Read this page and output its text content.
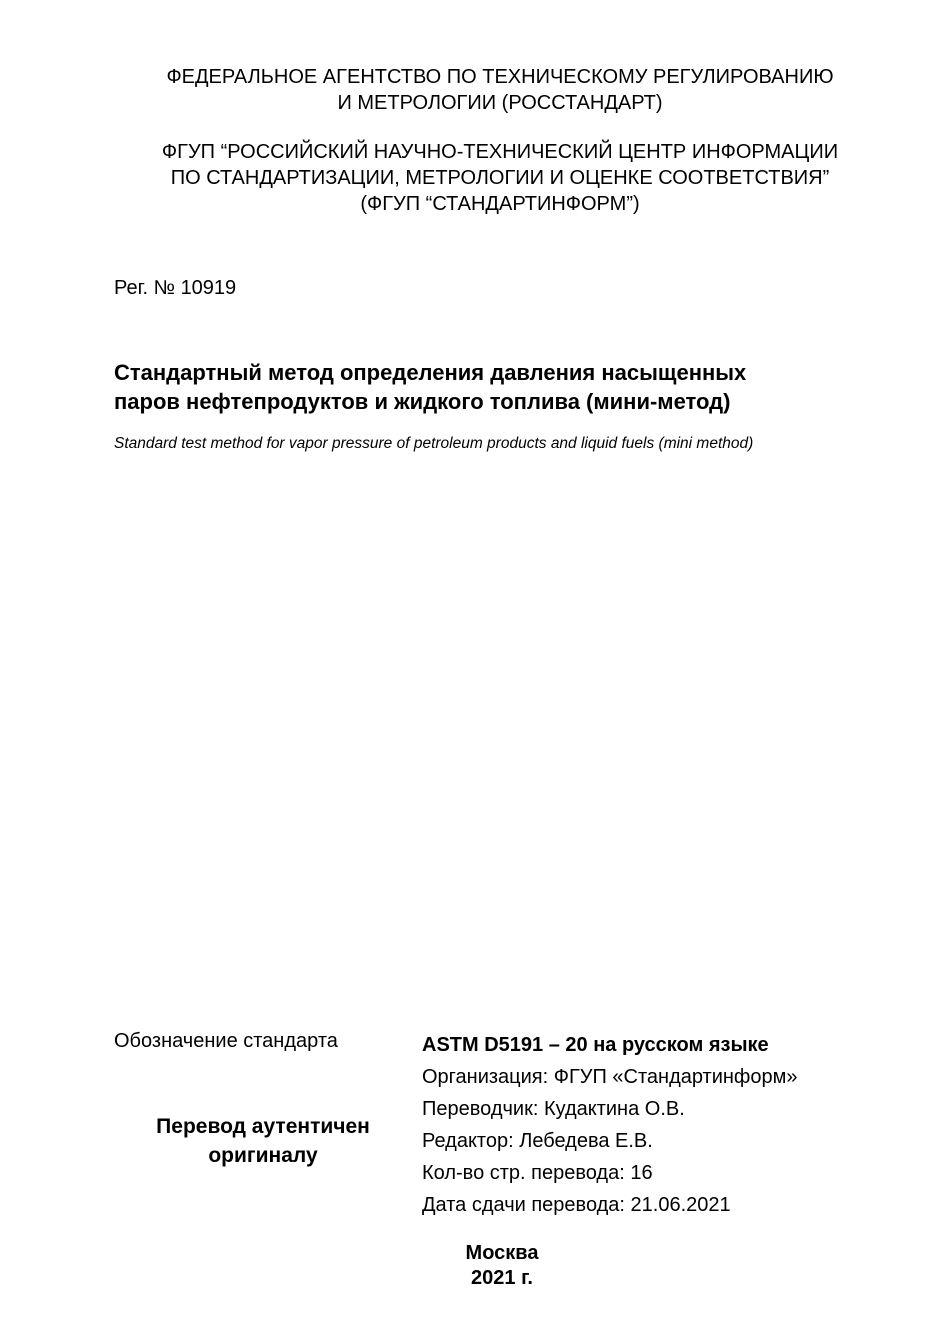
ФЕДЕРАЛЬНОЕ АГЕНТСТВО ПО ТЕХНИЧЕСКОМУ РЕГУЛИРОВАНИЮ
И МЕТРОЛОГИИ (РОССТАНДАРТ)
ФГУП “РОССИЙСКИЙ НАУЧНО-ТЕХНИЧЕСКИЙ ЦЕНТР ИНФОРМАЦИИ
ПО СТАНДАРТИЗАЦИИ, МЕТРОЛОГИИ И ОЦЕНКЕ СООТВЕТСТВИЯ”
(ФГУП “СТАНДАРТИНФОРМ”)
Рег. № 10919
Стандартный метод определения давления насыщенных
паров нефтепродуктов и жидкого топлива (мини-метод)
Standard test method for vapor pressure of petroleum products and liquid fuels (mini method)
Обозначение стандарта
Перевод аутентичен
оригиналу
ASTM D5191 – 20 на русском языке
Организация: ФГУП «Стандартинформ»
Переводчик: Кудактина О.В.
Редактор: Лебедева Е.В.
Кол-во стр. перевода: 16
Дата сдачи перевода: 21.06.2021
Москва
2021 г.
